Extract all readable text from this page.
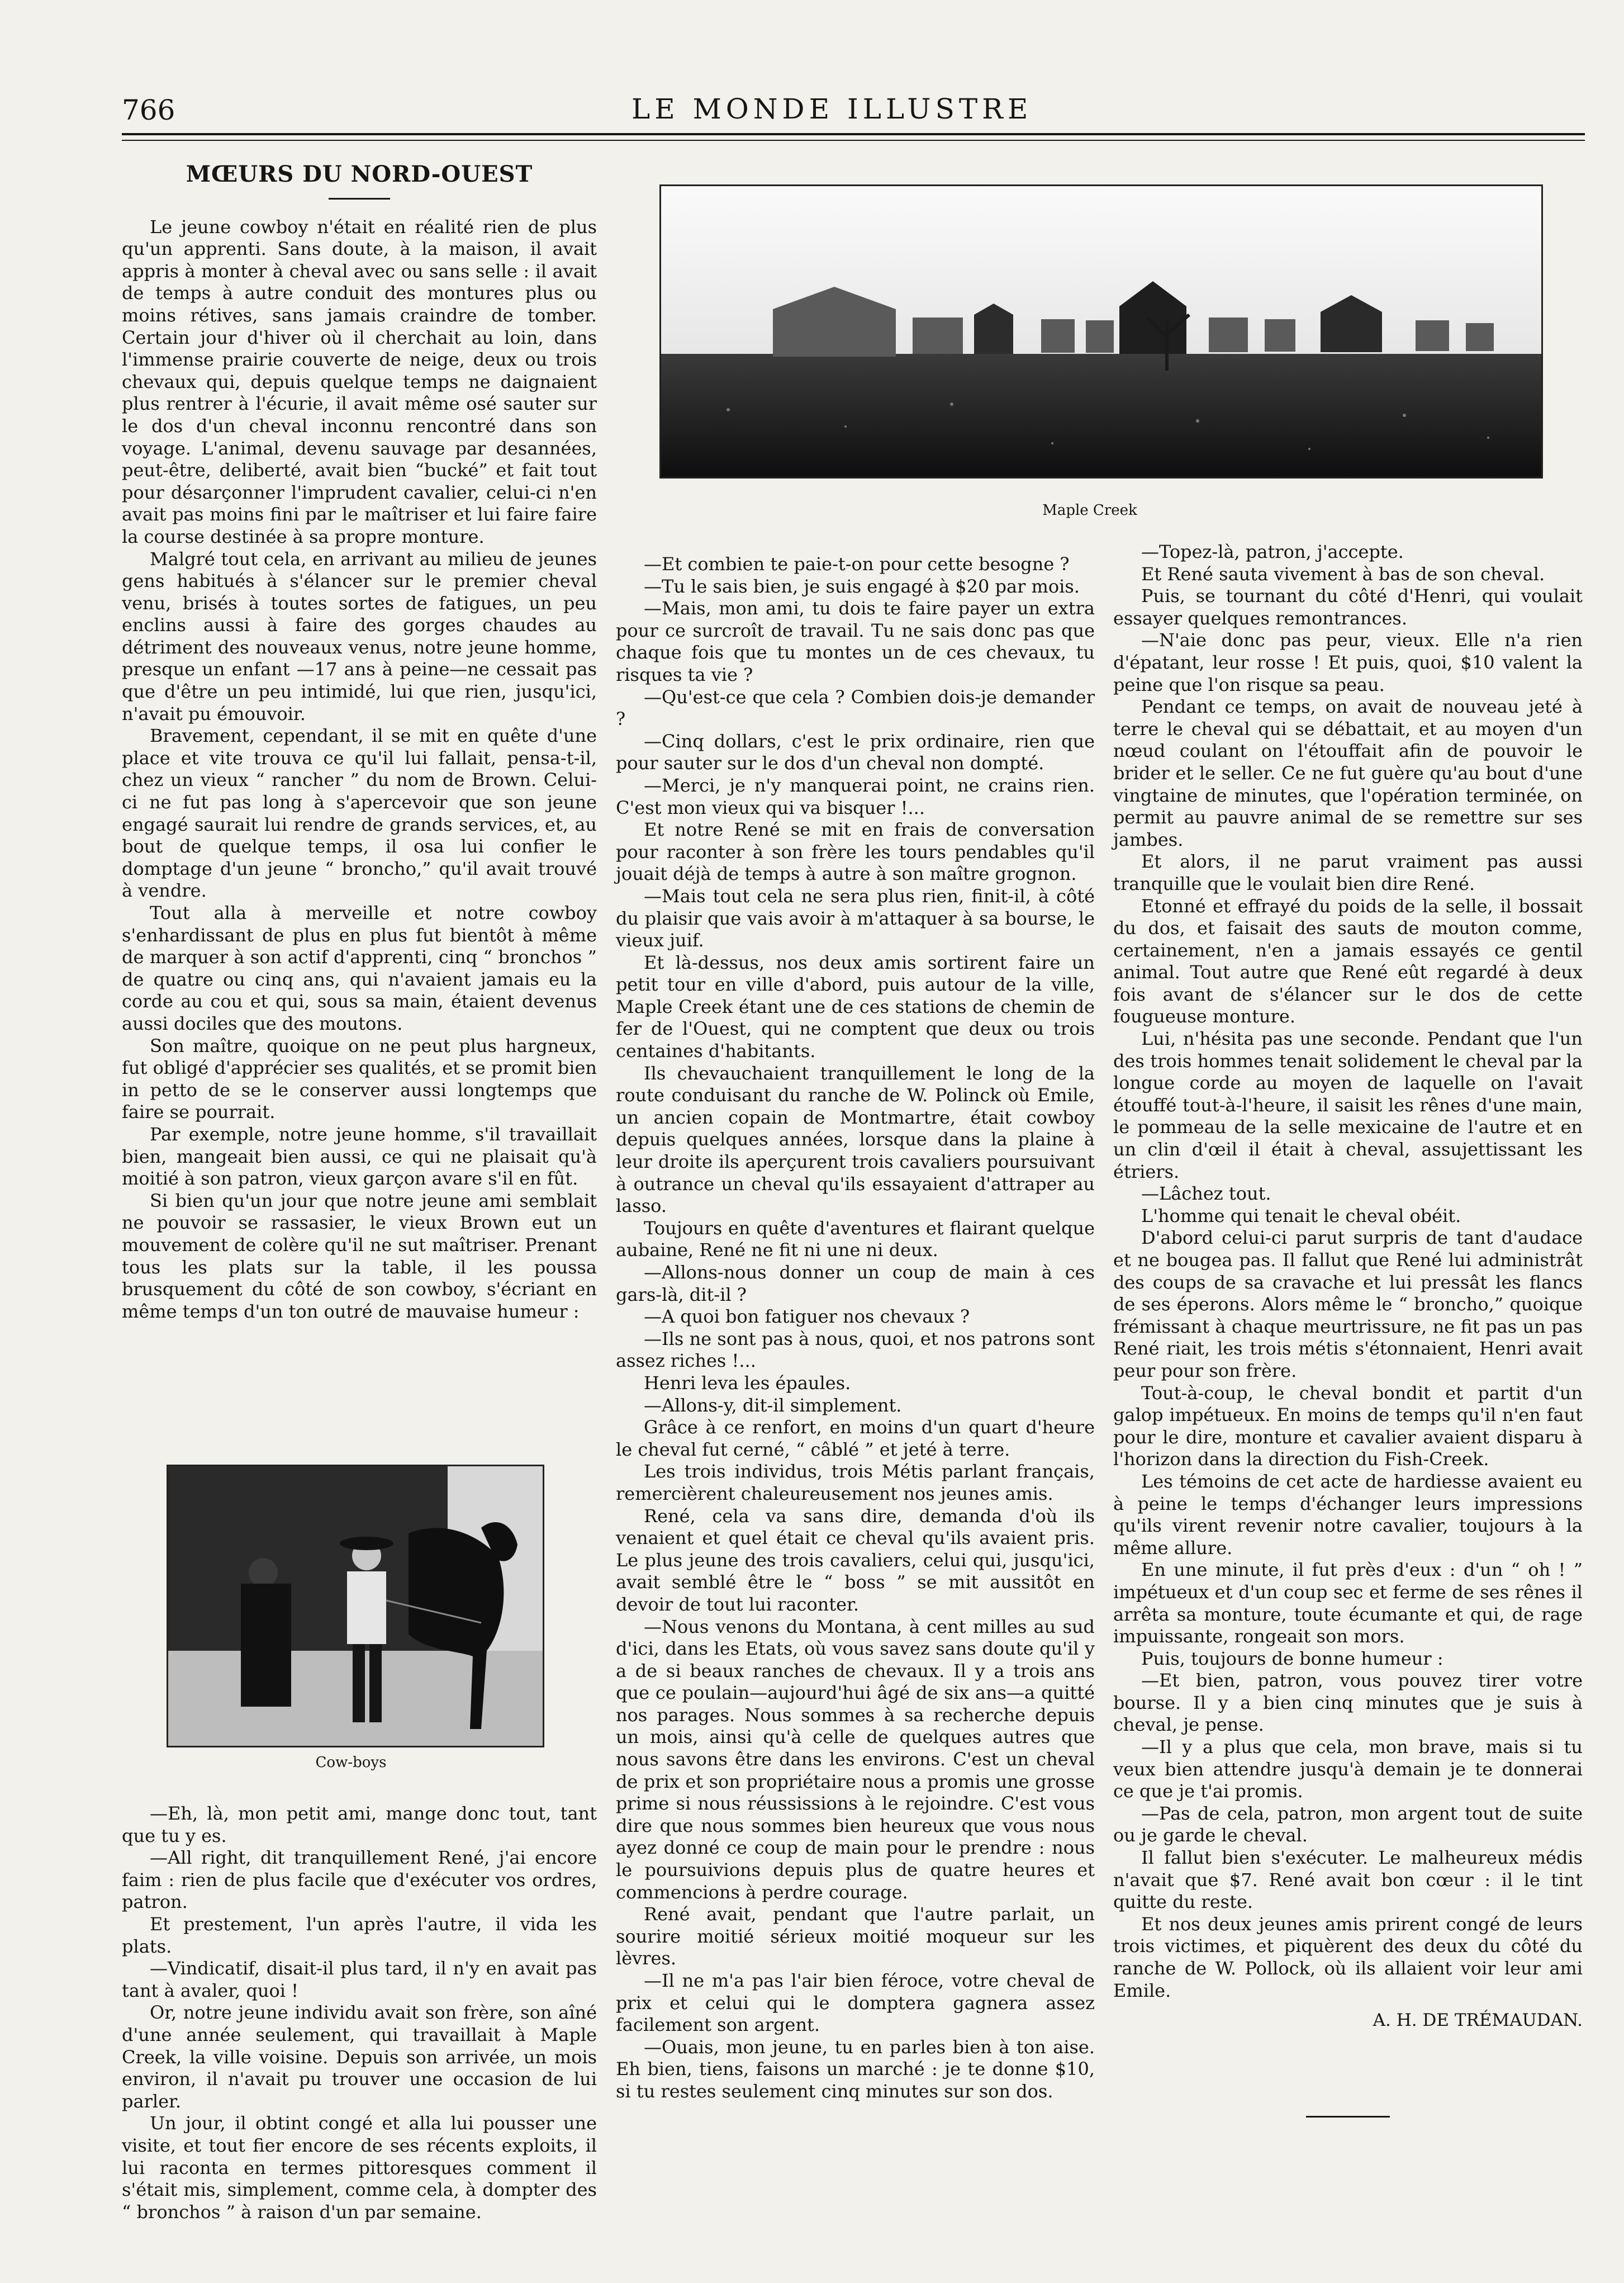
766	LE MONDE ILLUSTRE
Maple Creek
Cow-boys
MŒURS DU NORD-OUEST

Le jeune cowboy n'était en réalité rien de plus qu'un apprenti. Sans doute, à la maison, il avait appris à monter à cheval avec ou sans selle : il avait de temps à autre conduit des montures plus ou moins rétives, sans jamais craindre de tomber. Certain jour d'hiver où il cherchait au loin, dans l'immense prairie couverte de neige, deux ou trois chevaux qui, depuis quelque temps ne daignaient plus rentrer à l'écurie, il avait même osé sauter sur le dos d'un cheval inconnu rencontré dans son voyage. L'animal, devenu sauvage par desannées, peut-être, deliberté, avait bien “bucké” et fait tout pour désarçonner l'imprudent cavalier, celui-ci n'en avait pas moins fini par le maîtriser et lui faire faire la course destinée à sa propre monture.

Malgré tout cela, en arrivant au milieu de jeunes gens habitués à s'élancer sur le premier cheval venu, brisés à toutes sortes de fatigues, un peu enclins aussi à faire des gorges chaudes au détriment des nouveaux venus, notre jeune homme, presque un enfant —17 ans à peine—ne cessait pas que d'être un peu intimidé, lui que rien, jusqu'ici, n'avait pu émouvoir.

Bravement, cependant, il se mit en quête d'une place et vite trouva ce qu'il lui fallait, pensa-t-il, chez un vieux “ rancher ” du nom de Brown. Celui-ci ne fut pas long à s'apercevoir que son jeune engagé saurait lui rendre de grands services, et, au bout de quelque temps, il osa lui confier le domptage d'un jeune “ broncho,” qu'il avait trouvé à vendre.

Tout alla à merveille et notre cowboy s'enhardissant de plus en plus fut bientôt à même de marquer à son actif d'apprenti, cinq “ bronchos ” de quatre ou cinq ans, qui n'avaient jamais eu la corde au cou et qui, sous sa main, étaient devenus aussi dociles que des moutons.

Son maître, quoique on ne peut plus hargneux, fut obligé d'apprécier ses qualités, et se promit bien in petto de se le conserver aussi longtemps que faire se pourrait.

Par exemple, notre jeune homme, s'il travaillait bien, mangeait bien aussi, ce qui ne plaisait qu'à moitié à son patron, vieux garçon avare s'il en fût.

Si bien qu'un jour que notre jeune ami semblait ne pouvoir se rassasier, le vieux Brown eut un mouvement de colère qu'il ne sut maîtriser. Prenant tous les plats sur la table, il les poussa brusquement du côté de son cowboy, s'écriant en même temps d'un ton outré de mauvaise humeur :

—Eh, là, mon petit ami, mange donc tout, tant que tu y es.

—All right, dit tranquillement René, j'ai encore faim : rien de plus facile que d'exécuter vos ordres, patron.

Et prestement, l'un après l'autre, il vida les plats.

—Vindicatif, disait-il plus tard, il n'y en avait pas tant à avaler, quoi !

Or, notre jeune individu avait son frère, son aîné d'une année seulement, qui travaillait à Maple Creek, la ville voisine. Depuis son arrivée, un mois environ, il n'avait pu trouver une occasion de lui parler.

Un jour, il obtint congé et alla lui pousser une visite, et tout fier encore de ses récents exploits, il lui raconta en termes pittoresques comment il s'était mis, simplement, comme cela, à dompter des “ bronchos ” à raison d'un par semaine.

—Et combien te paie-t-on pour cette besogne ?

—Tu le sais bien, je suis engagé à $20 par mois.

—Mais, mon ami, tu dois te faire payer un extra pour ce surcroît de travail. Tu ne sais donc pas que chaque fois que tu montes un de ces chevaux, tu risques ta vie ?

—Qu'est-ce que cela ? Combien dois-je demander ?

—Cinq dollars, c'est le prix ordinaire, rien que pour sauter sur le dos d'un cheval non dompté.

—Merci, je n'y manquerai point, ne crains rien. C'est mon vieux qui va bisquer !...

Et notre René se mit en frais de conversation pour raconter à son frère les tours pendables qu'il jouait déjà de temps à autre à son maître grognon.

—Mais tout cela ne sera plus rien, finit-il, à côté du plaisir que vais avoir à m'attaquer à sa bourse, le vieux juif.

Et là-dessus, nos deux amis sortirent faire un petit tour en ville d'abord, puis autour de la ville, Maple Creek étant une de ces stations de chemin de fer de l'Ouest, qui ne comptent que deux ou trois centaines d'habitants.

Ils chevauchaient tranquillement le long de la route conduisant du ranche de W. Polinck où Emile, un ancien copain de Montmartre, était cowboy depuis quelques années, lorsque dans la plaine à leur droite ils aperçurent trois cavaliers poursuivant à outrance un cheval qu'ils essayaient d'attraper au lasso.

Toujours en quête d'aventures et flairant quelque aubaine, René ne fit ni une ni deux.

—Allons-nous donner un coup de main à ces gars-là, dit-il ?

—A quoi bon fatiguer nos chevaux ?

—Ils ne sont pas à nous, quoi, et nos patrons sont assez riches !...

Henri leva les épaules.

—Allons-y, dit-il simplement.

Grâce à ce renfort, en moins d'un quart d'heure le cheval fut cerné, “ câblé ” et jeté à terre.

Les trois individus, trois Métis parlant français, remercièrent chaleureusement nos jeunes amis.

René, cela va sans dire, demanda d'où ils venaient et quel était ce cheval qu'ils avaient pris. Le plus jeune des trois cavaliers, celui qui, jusqu'ici, avait semblé être le “ boss ” se mit aussitôt en devoir de tout lui raconter.

—Nous venons du Montana, à cent milles au sud d'ici, dans les Etats, où vous savez sans doute qu'il y a de si beaux ranches de chevaux. Il y a trois ans que ce poulain—aujourd'hui âgé de six ans—a quitté nos parages. Nous sommes à sa recherche depuis un mois, ainsi qu'à celle de quelques autres que nous savons être dans les environs. C'est un cheval de prix et son propriétaire nous a promis une grosse prime si nous réussissions à le rejoindre. C'est vous dire que nous sommes bien heureux que vous nous ayez donné ce coup de main pour le prendre : nous le poursuivions depuis plus de quatre heures et commencions à perdre courage.

René avait, pendant que l'autre parlait, un sourire moitié sérieux moitié moqueur sur les lèvres.

—Il ne m'a pas l'air bien féroce, votre cheval de prix et celui qui le domptera gagnera assez facilement son argent.

—Ouais, mon jeune, tu en parles bien à ton aise. Eh bien, tiens, faisons un marché : je te donne $10, si tu restes seulement cinq minutes sur son dos.

—Topez-là, patron, j'accepte.

Et René sauta vivement à bas de son cheval.

Puis, se tournant du côté d'Henri, qui voulait essayer quelques remontrances.

—N'aie donc pas peur, vieux. Elle n'a rien d'épatant, leur rosse ! Et puis, quoi, $10 valent la peine que l'on risque sa peau.

Pendant ce temps, on avait de nouveau jeté à terre le cheval qui se débattait, et au moyen d'un nœud coulant on l'étouffait afin de pouvoir le brider et le seller. Ce ne fut guère qu'au bout d'une vingtaine de minutes, que l'opération terminée, on permit au pauvre animal de se remettre sur ses jambes.

Et alors, il ne parut vraiment pas aussi tranquille que le voulait bien dire René.

Etonné et effrayé du poids de la selle, il bossait du dos, et faisait des sauts de mouton comme, certainement, n'en a jamais essayés ce gentil animal. Tout autre que René eût regardé à deux fois avant de s'élancer sur le dos de cette fougueuse monture.

Lui, n'hésita pas une seconde. Pendant que l'un des trois hommes tenait solidement le cheval par la longue corde au moyen de laquelle on l'avait étouffé tout-à-l'heure, il saisit les rênes d'une main, le pommeau de la selle mexicaine de l'autre et en un clin d'œil il était à cheval, assujettissant les étriers.

—Lâchez tout.

L'homme qui tenait le cheval obéit.

D'abord celui-ci parut surpris de tant d'audace et ne bougea pas. Il fallut que René lui administrât des coups de sa cravache et lui pressât les flancs de ses éperons. Alors même le “ broncho,” quoique frémissant à chaque meurtrissure, ne fit pas un pas René riait, les trois métis s'étonnaient, Henri avait peur pour son frère.

Tout-à-coup, le cheval bondit et partit d'un galop impétueux. En moins de temps qu'il n'en faut pour le dire, monture et cavalier avaient disparu à l'horizon dans la direction du Fish-Creek.

Les témoins de cet acte de hardiesse avaient eu à peine le temps d'échanger leurs impressions qu'ils virent revenir notre cavalier, toujours à la même allure.

En une minute, il fut près d'eux : d'un “ oh ! ” impétueux et d'un coup sec et ferme de ses rênes il arrêta sa monture, toute écumante et qui, de rage impuissante, rongeait son mors.

Puis, toujours de bonne humeur :

—Et bien, patron, vous pouvez tirer votre bourse. Il y a bien cinq minutes que je suis à cheval, je pense.

—Il y a plus que cela, mon brave, mais si tu veux bien attendre jusqu'à demain je te donnerai ce que je t'ai promis.

—Pas de cela, patron, mon argent tout de suite ou je garde le cheval.

Il fallut bien s'exécuter. Le malheureux médis n'avait que $7. René avait bon cœur : il le tint quitte du reste.

Et nos deux jeunes amis prirent congé de leurs trois victimes, et piquèrent des deux du côté du ranche de W. Pollock, où ils allaient voir leur ami Emile.

A. H. DE TRÉMAUDAN.
